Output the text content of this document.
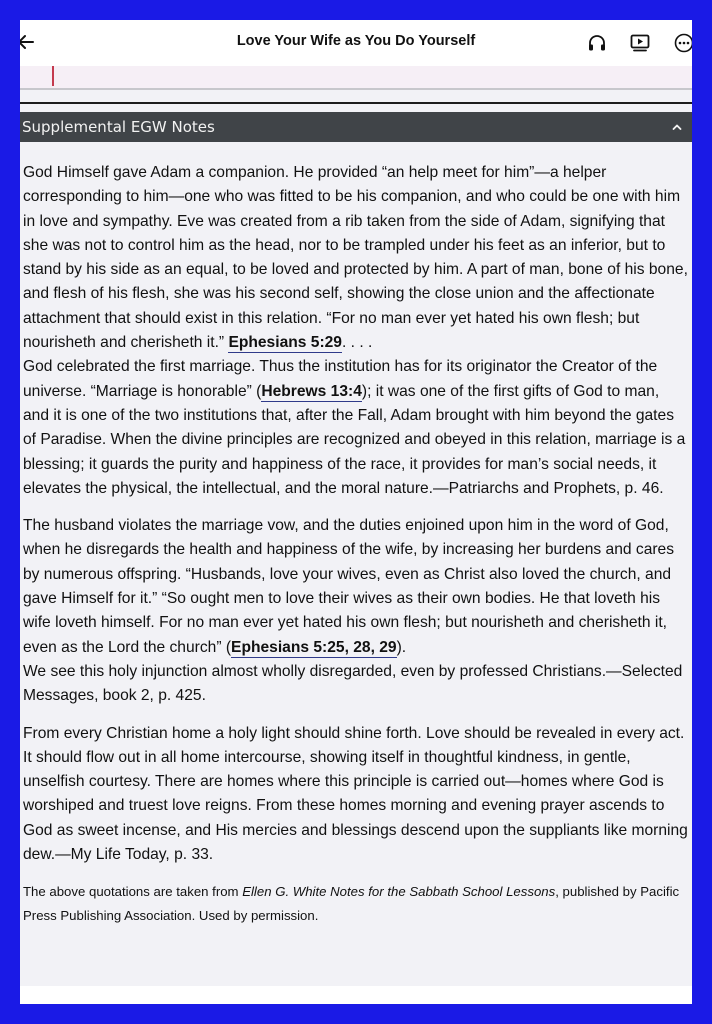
Love Your Wife as You Do Yourself
Supplemental EGW Notes

God Himself gave Adam a companion. He provided “an help meet for him”—a helper corresponding to him—one who was fitted to be his companion, and who could be one with him in love and sympathy. Eve was created from a rib taken from the side of Adam, signifying that she was not to control him as the head, nor to be trampled under his feet as an inferior, but to stand by his side as an equal, to be loved and protected by him. A part of man, bone of his bone, and flesh of his flesh, she was his second self, showing the close union and the affectionate attachment that should exist in this relation. “For no man ever yet hated his own flesh; but nourisheth and cherisheth it.” Ephesians 5:29. . . .

God celebrated the first marriage. Thus the institution has for its originator the Creator of the universe. “Marriage is honorable” (Hebrews 13:4); it was one of the first gifts of God to man, and it is one of the two institutions that, after the Fall, Adam brought with him beyond the gates of Paradise. When the divine principles are recognized and obeyed in this relation, marriage is a blessing; it guards the purity and happiness of the race, it provides for man’s social needs, it elevates the physical, the intellectual, and the moral nature.—Patriarchs and Prophets, p. 46.

The husband violates the marriage vow, and the duties enjoined upon him in the word of God, when he disregards the health and happiness of the wife, by increasing her burdens and cares by numerous offspring. “Husbands, love your wives, even as Christ also loved the church, and gave Himself for it.” “So ought men to love their wives as their own bodies. He that loveth his wife loveth himself. For no man ever yet hated his own flesh; but nourisheth and cherisheth it, even as the Lord the church” (Ephesians 5:25, 28, 29).

We see this holy injunction almost wholly disregarded, even by professed Christians.—Selected Messages, book 2, p. 425.

From every Christian home a holy light should shine forth. Love should be revealed in every act. It should flow out in all home intercourse, showing itself in thoughtful kindness, in gentle, unselfish courtesy. There are homes where this principle is carried out—homes where God is worshiped and truest love reigns. From these homes morning and evening prayer ascends to God as sweet incense, and His mercies and blessings descend upon the suppliants like morning dew.—My Life Today, p. 33.

The above quotations are taken from Ellen G. White Notes for the Sabbath School Lessons, published by Pacific Press Publishing Association. Used by permission.
